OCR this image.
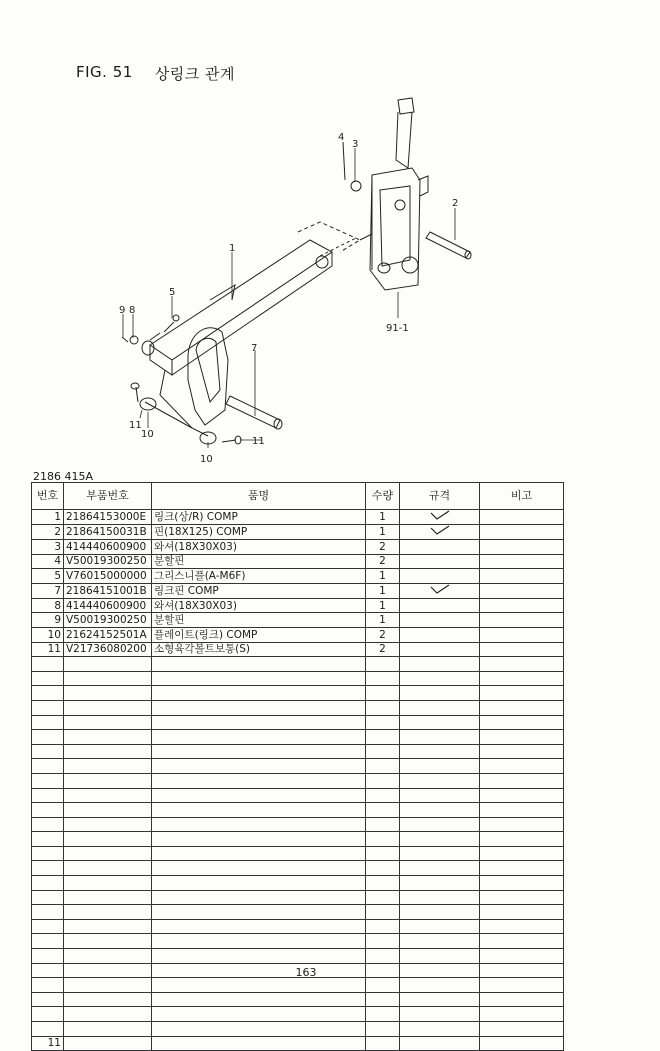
FIG. 51 상링크 관계
1
2
3
4
5
7
8
9
10
10
11
11
91-1
2186 415A
번호	부품번호	품명	수량	규격	비고
1	21864153000E	링크(상/R) COMP	1		
2	21864150031B	핀(18X125) COMP	1		
3	414440600900	와셔(18X30X03)	2		
4	V50019300250	분할핀	2		
5	V76015000000	그리스니플(A-M6F)	1		
7	21864151001B	링크핀 COMP	1		
8	414440600900	와셔(18X30X03)	1		
9	V50019300250	분할핀	1		
10	21624152501A	플레이트(링크) COMP	2		
11	V21736080200	소형육각볼트보통(S)	2		

11					
163
